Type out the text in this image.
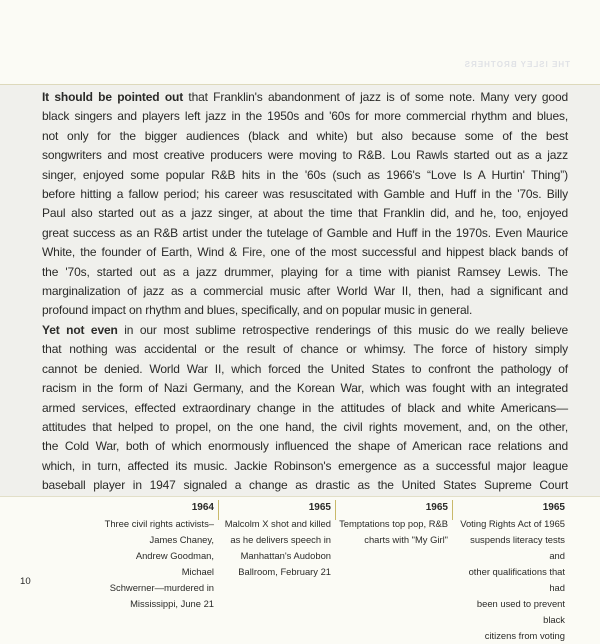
THE ISLEY BROTHERS
It should be pointed out that Franklin's abandonment of jazz is of some note. Many very good
black singers and players left jazz in the 1950s and '60s for more commercial rhythm and blues,
not only for the bigger audiences (black and white) but also because some of the best
songwriters and most creative producers were moving to R&B. Lou Rawls started out as a jazz
singer, enjoyed some popular R&B hits in the '60s (such as 1966's “Love Is A Hurtin' Thing”)
before hitting a fallow period; his career was resuscitated with Gamble and Huff in the '70s. Billy
Paul also started out as a jazz singer, at about the time that Franklin did, and he, too, enjoyed
great success as an R&B artist under the tutelage of Gamble and Huff in the 1970s. Even Maurice
White, the founder of Earth, Wind & Fire, one of the most successful and hippest black bands of
the '70s, started out as a jazz drummer, playing for a time with pianist Ramsey Lewis. The
marginalization of jazz as a commercial music after World War II, then, had a significant and
profound impact on rhythm and blues, specifically, and on popular music in general.
Yet not even in our most sublime retrospective renderings of this music do we really believe
that nothing was accidental or the result of chance or whimsy. The force of history simply
cannot be denied. World War II, which forced the United States to confront the pathology of
racism in the form of Nazi Germany, and the Korean War, which was fought with an integrated
armed services, effected extraordinary change in the attitudes of black and white Americans—
attitudes that helped to propel, on the one hand, the civil rights movement, and, on the other,
the Cold War, both of which enormously influenced the shape of American race relations and
which, in turn, affected its music. Jackie Robinson's emergence as a successful major league
baseball player in 1947 signaled a change as drastic as the United States Supreme Court
1964
Three civil rights activists–
James Chaney,
Andrew Goodman, Michael
Schwerner—murdered in
Mississippi, June 21
1965
Malcolm X shot and killed
as he delivers speech in
Manhattan's Audobon
Ballroom, February 21
1965
Temptations top pop, R&B
charts with "My Girl"
1965
Voting Rights Act of 1965
suspends literacy tests and
other qualifications that had
been used to prevent black
citizens from voting
10
